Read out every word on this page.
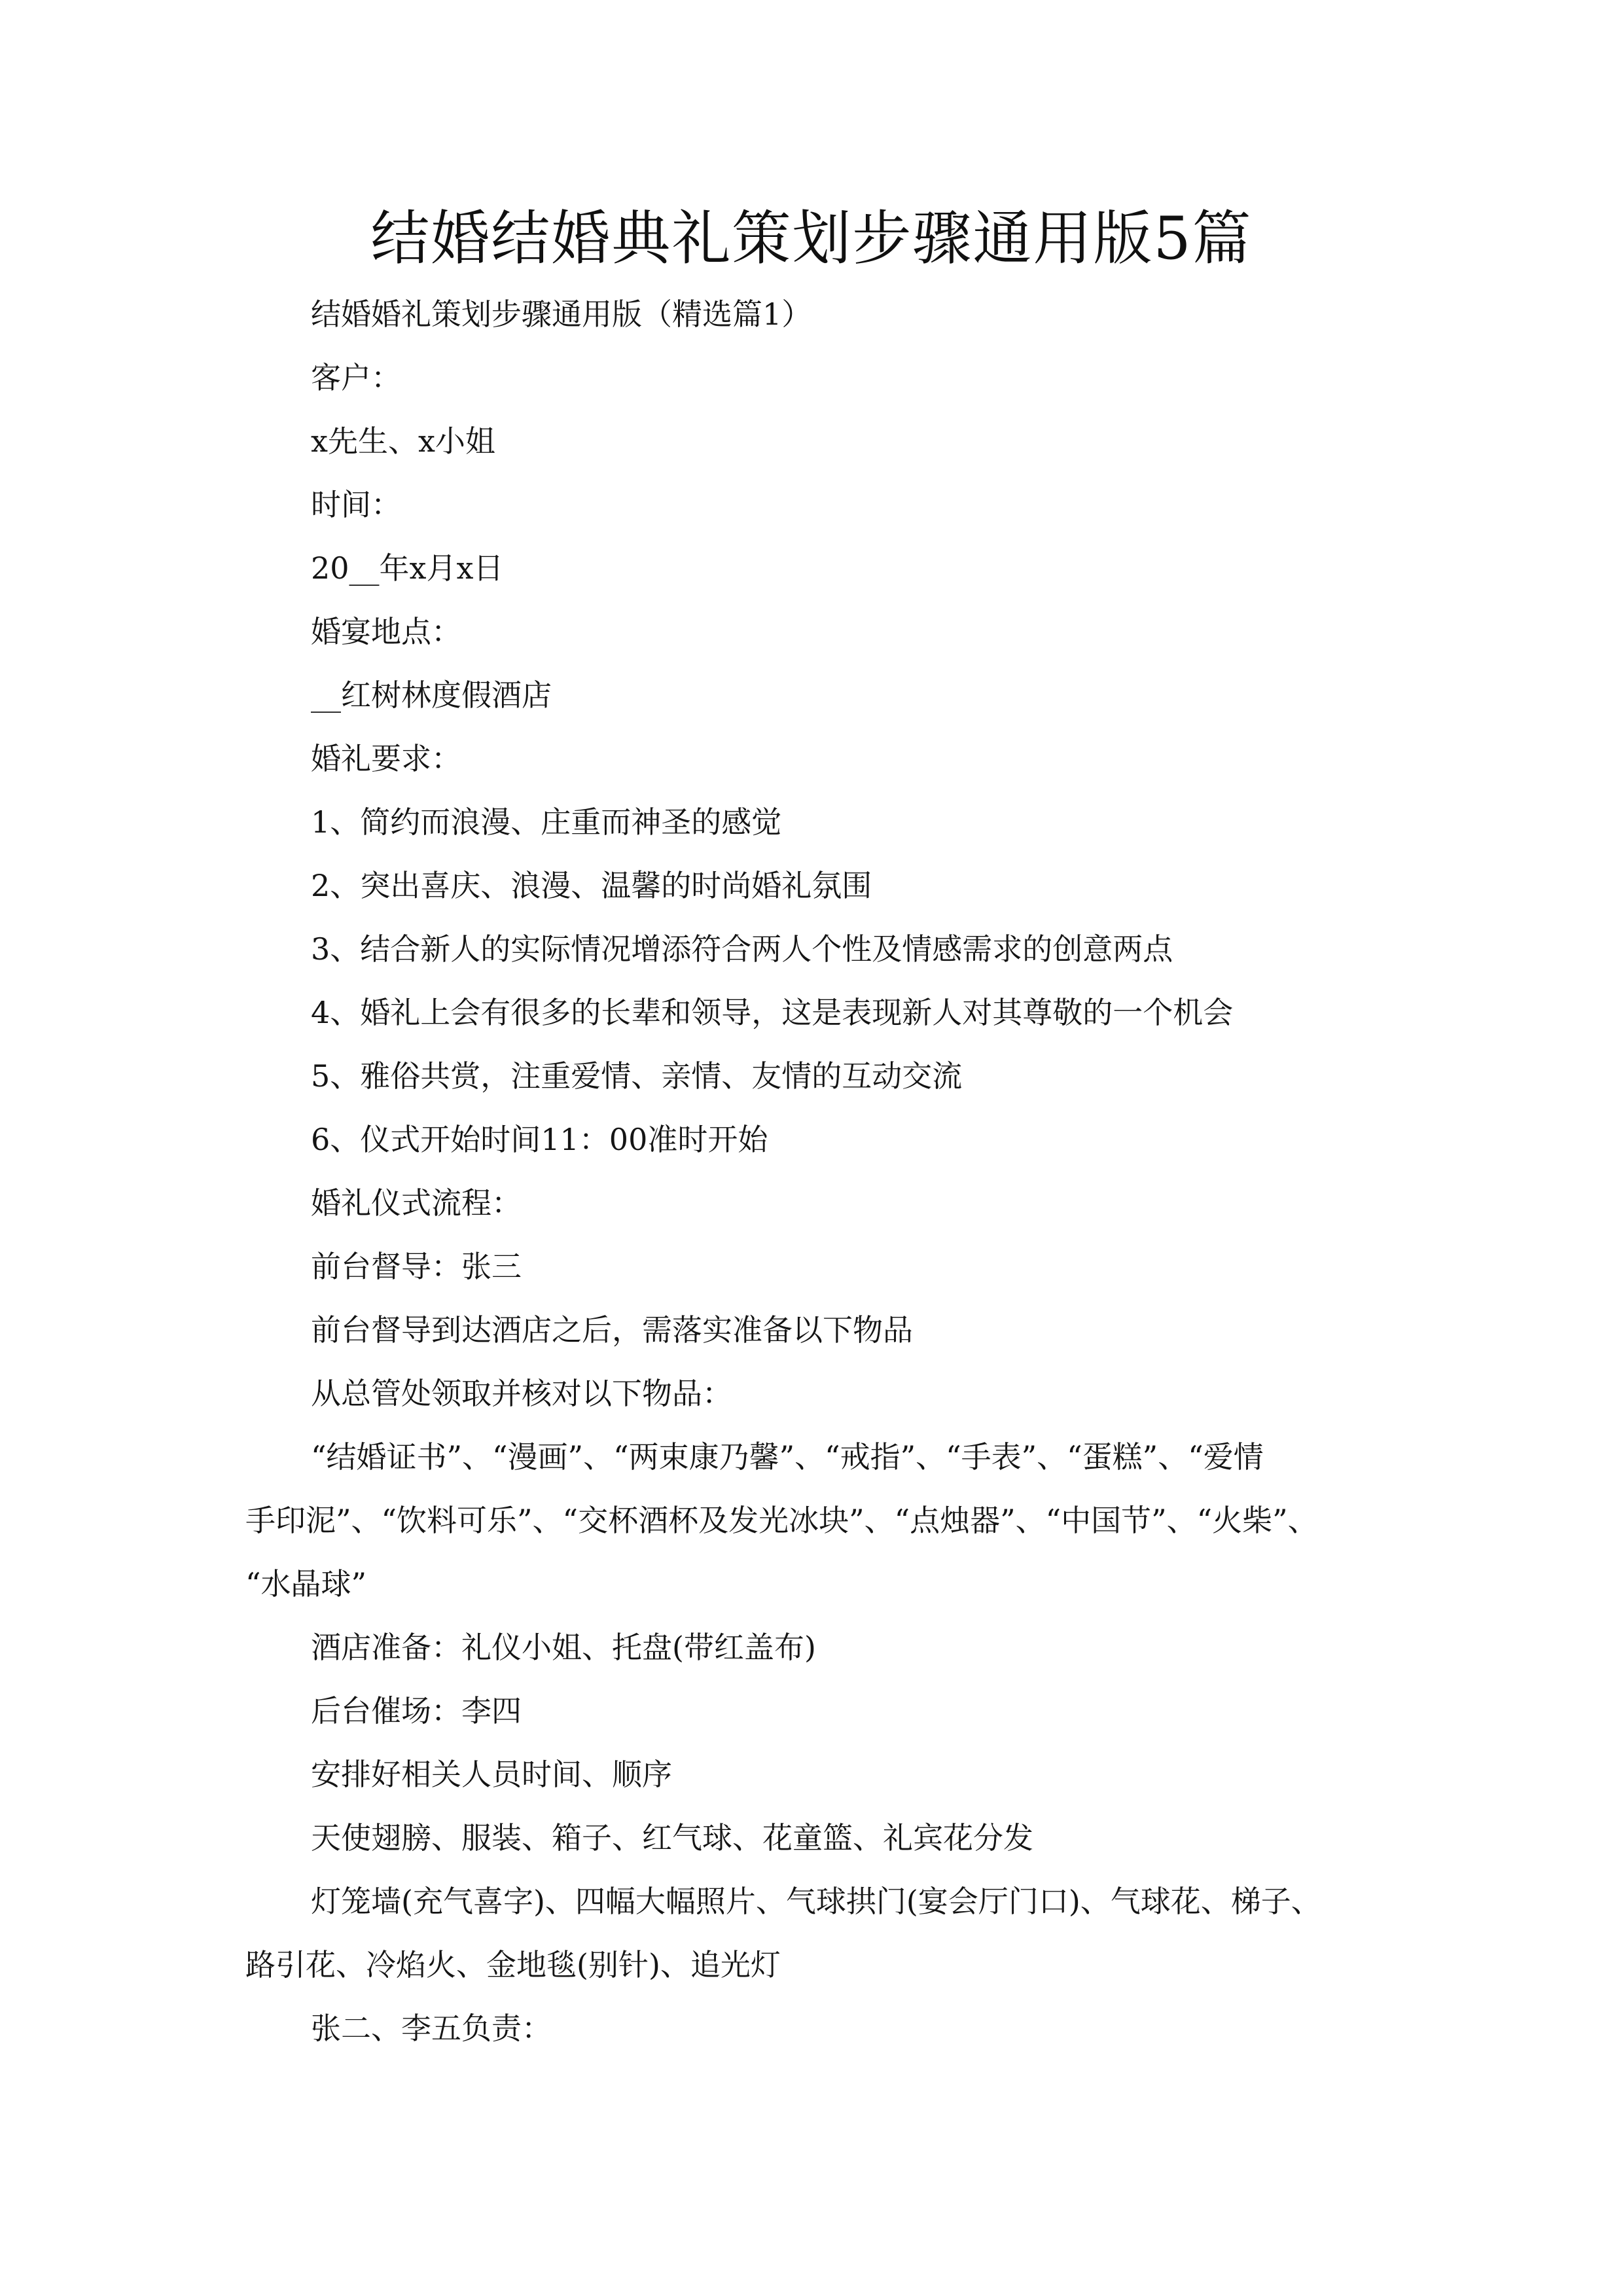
结婚结婚典礼策划步骤通用版5篇
结婚婚礼策划步骤通用版（精选篇1）
客户：
x先生、x小姐
时间：
20__年x月x日
婚宴地点：
__红树林度假酒店
婚礼要求：
1、简约而浪漫、庄重而神圣的感觉
2、突出喜庆、浪漫、温馨的时尚婚礼氛围
3、结合新人的实际情况增添符合两人个性及情感需求的创意两点
4、婚礼上会有很多的长辈和领导，这是表现新人对其尊敬的一个机会
5、雅俗共赏，注重爱情、亲情、友情的互动交流
6、仪式开始时间11：00准时开始
婚礼仪式流程：
前台督导：张三
前台督导到达酒店之后，需落实准备以下物品
从总管处领取并核对以下物品：
“结婚证书”、“漫画”、“两束康乃馨”、“戒指”、“手表”、“蛋糕”、“爱情
手印泥”、“饮料可乐”、“交杯酒杯及发光冰块”、“点烛器”、“中国节”、“火柴”、
“水晶球”
酒店准备：礼仪小姐、托盘(带红盖布)
后台催场：李四
安排好相关人员时间、顺序
天使翅膀、服装、箱子、红气球、花童篮、礼宾花分发
灯笼墙(充气喜字)、四幅大幅照片、气球拱门(宴会厅门口)、气球花、梯子、
路引花、冷焰火、金地毯(别针)、追光灯
张二、李五负责：
